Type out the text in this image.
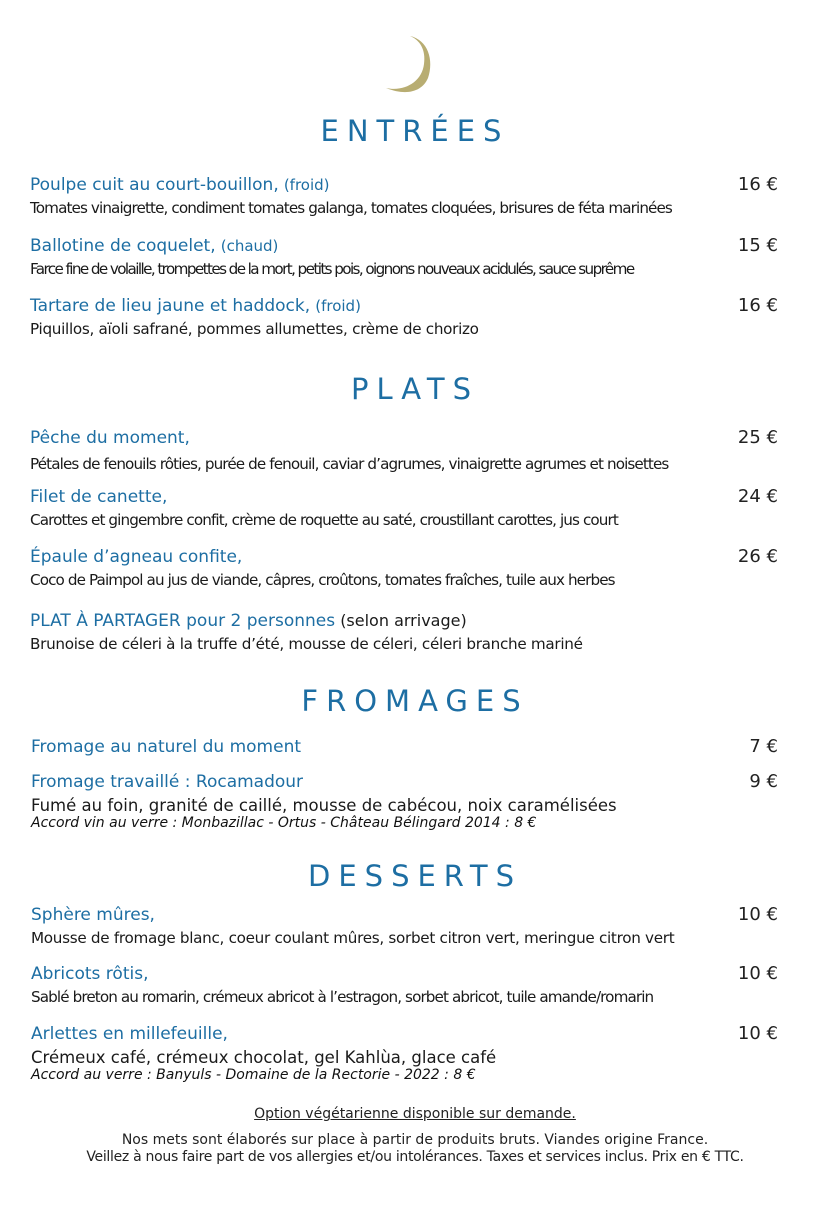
ENTRÉES
Poulpe cuit au court-bouillon, (froid)	16 €
Tomates vinaigrette, condiment tomates galanga, tomates cloquées, brisures de féta marinées
Ballotine de coquelet, (chaud)	15 €
Farce fine de volaille, trompettes de la mort, petits pois, oignons nouveaux acidulés, sauce suprême
Tartare de lieu jaune et haddock, (froid)	16 €
Piquillos, aïoli safrané, pommes allumettes, crème de chorizo
PLATS
Pêche du moment,	25 €
Pétales de fenouils rôties, purée de fenouil, caviar d’agrumes, vinaigrette agrumes et noisettes
Filet de canette,	24 €
Carottes et gingembre confit, crème de roquette au saté, croustillant carottes, jus court
Épaule d’agneau confite,	26 €
Coco de Paimpol au jus de viande, câpres, croûtons, tomates fraîches, tuile aux herbes
PLAT À PARTAGER pour 2 personnes (selon arrivage)
Brunoise de céleri à la truffe d’été, mousse de céleri, céleri branche mariné
FROMAGES
Fromage au naturel du moment	7 €
Fromage travaillé : Rocamadour	9 €
Fumé au foin, granité de caillé, mousse de cabécou, noix caramélisées
Accord vin au verre : Monbazillac - Ortus - Château Bélingard 2014 : 8 €
DESSERTS
Sphère mûres,	10 €
Mousse de fromage blanc, coeur coulant mûres, sorbet citron vert, meringue citron vert
Abricots rôtis,	10 €
Sablé breton au romarin, crémeux abricot à l’estragon, sorbet abricot, tuile amande/romarin
Arlettes en millefeuille,	10 €
Crémeux café, crémeux chocolat, gel Kahlùa, glace café
Accord au verre : Banyuls - Domaine de la Rectorie - 2022 : 8 €
Option végétarienne disponible sur demande.
Nos mets sont élaborés sur place à partir de produits bruts. Viandes origine France.
Veillez à nous faire part de vos allergies et/ou intolérances. Taxes et services inclus. Prix en € TTC.
